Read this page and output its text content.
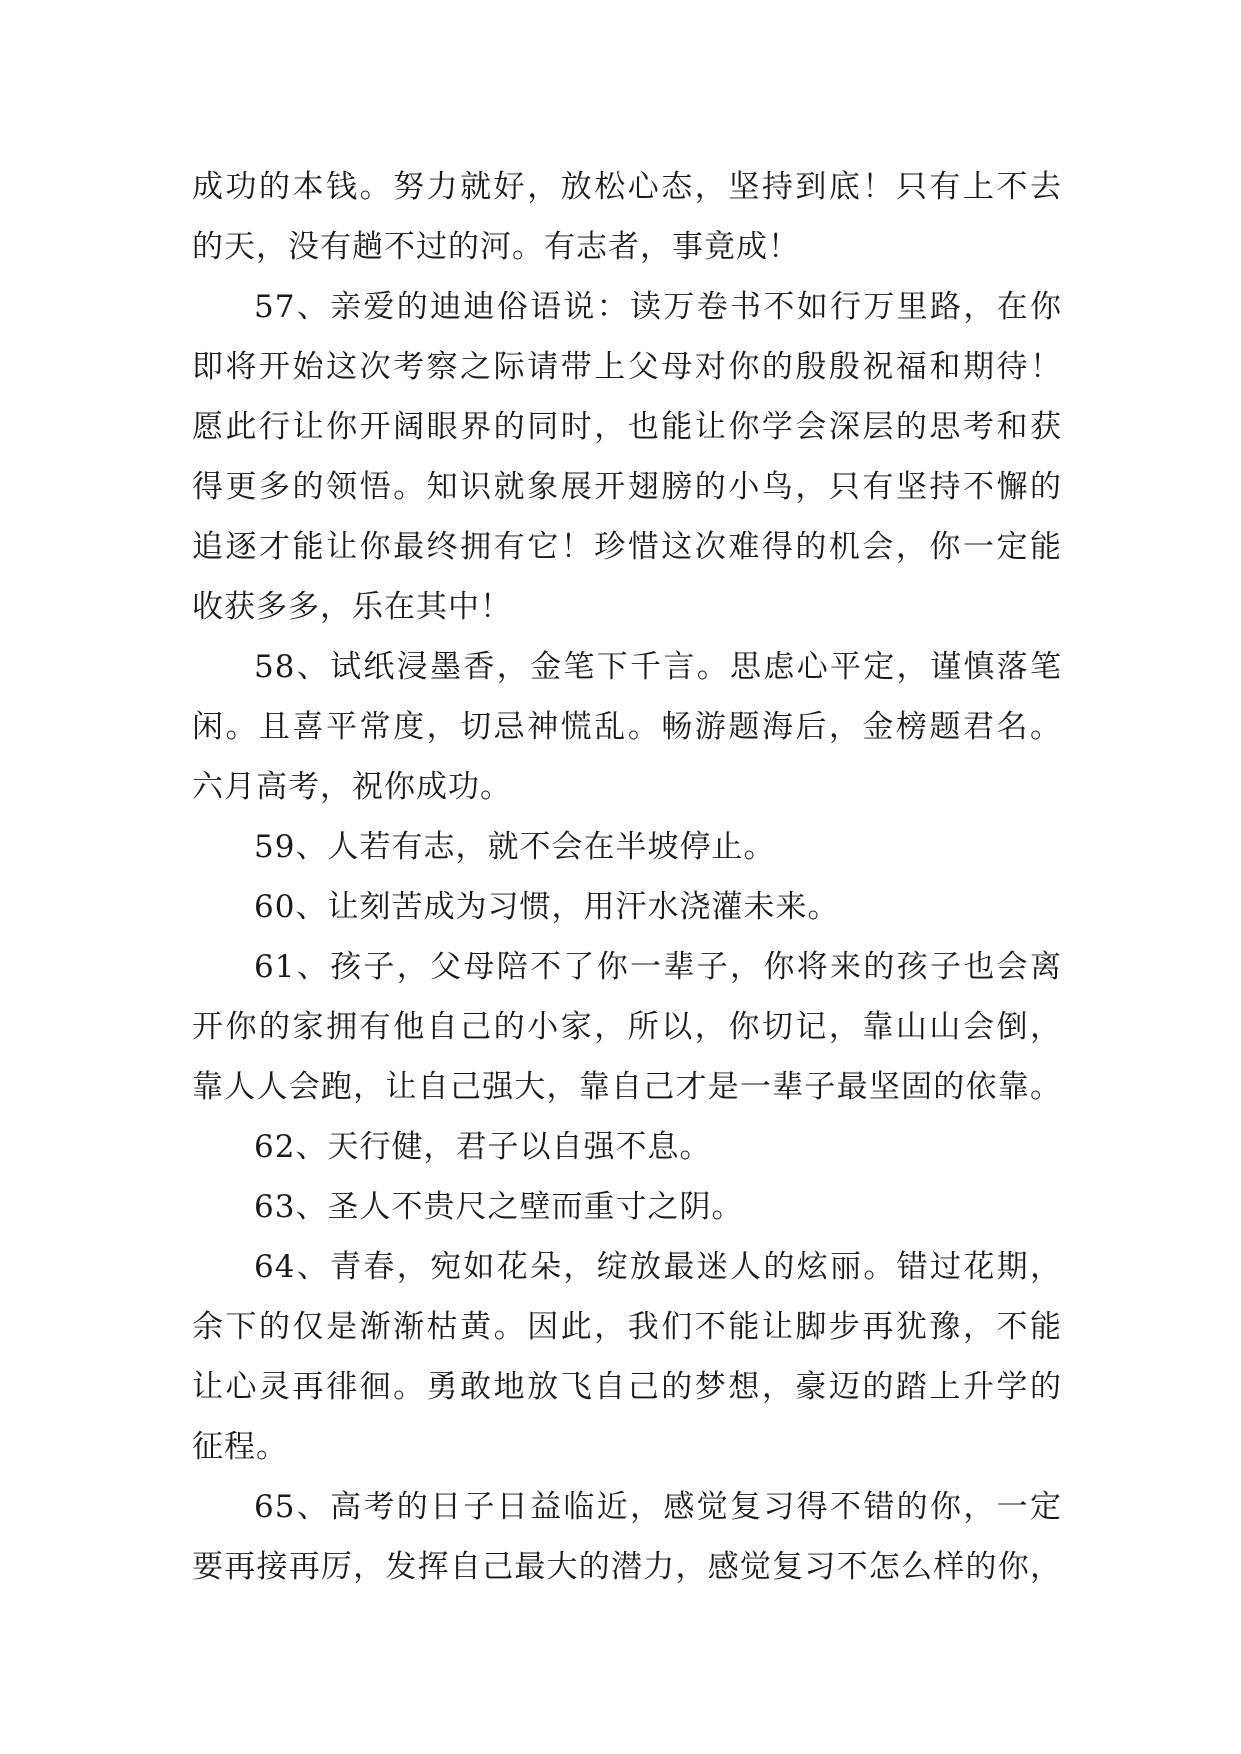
成功的本钱。努力就好，放松心态，坚持到底！只有上不去
的天，没有趟不过的河。有志者，事竟成！
57、亲爱的迪迪俗语说：读万卷书不如行万里路，在你
即将开始这次考察之际请带上父母对你的殷殷祝福和期待！
愿此行让你开阔眼界的同时，也能让你学会深层的思考和获
得更多的领悟。知识就象展开翅膀的小鸟，只有坚持不懈的
追逐才能让你最终拥有它！珍惜这次难得的机会，你一定能
收获多多，乐在其中！
58、试纸浸墨香，金笔下千言。思虑心平定，谨慎落笔
闲。且喜平常度，切忌神慌乱。畅游题海后，金榜题君名。
六月高考，祝你成功。
59、人若有志，就不会在半坡停止。
60、让刻苦成为习惯，用汗水浇灌未来。
61、孩子，父母陪不了你一辈子，你将来的孩子也会离
开你的家拥有他自己的小家，所以，你切记，靠山山会倒，
靠人人会跑，让自己强大，靠自己才是一辈子最坚固的依靠。
62、天行健，君子以自强不息。
63、圣人不贵尺之壁而重寸之阴。
64、青春，宛如花朵，绽放最迷人的炫丽。错过花期，
余下的仅是渐渐枯黄。因此，我们不能让脚步再犹豫，不能
让心灵再徘徊。勇敢地放飞自己的梦想，豪迈的踏上升学的
征程。
65、高考的日子日益临近，感觉复习得不错的你，一定
要再接再厉，发挥自己最大的潜力，感觉复习不怎么样的你，
